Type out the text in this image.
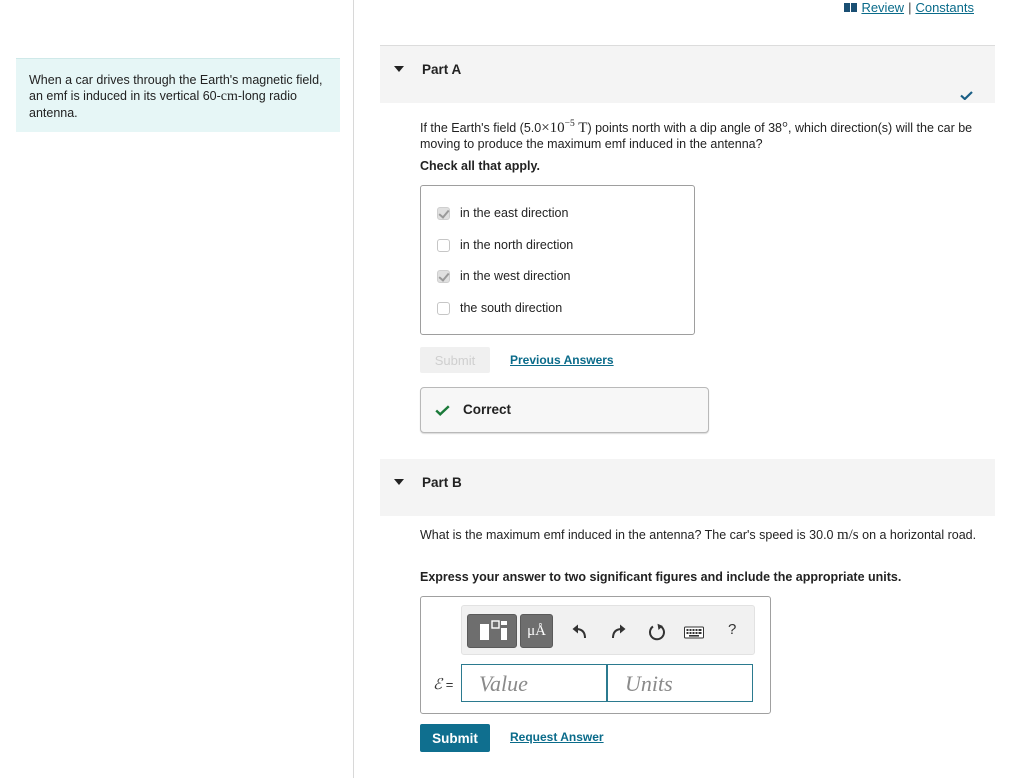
Review | Constants
When a car drives through the Earth's magnetic field, an emf is induced in its vertical 60-cm-long radio antenna.
Part A
If the Earth's field ($5.0\times 10^{-5}$ T) points north with a dip angle of 38°, which direction(s) will the car be moving to produce the maximum emf induced in the antenna?
Check all that apply.
in the east direction
in the north direction
in the west direction
the south direction
Submit	Previous Answers
Correct
Part B
What is the maximum emf induced in the antenna? The car's speed is 30.0 m/s on a horizontal road.
Express your answer to two significant figures and include the appropriate units.
μÅ	?
ℰ =	Value	Units
Submit	Request Answer
